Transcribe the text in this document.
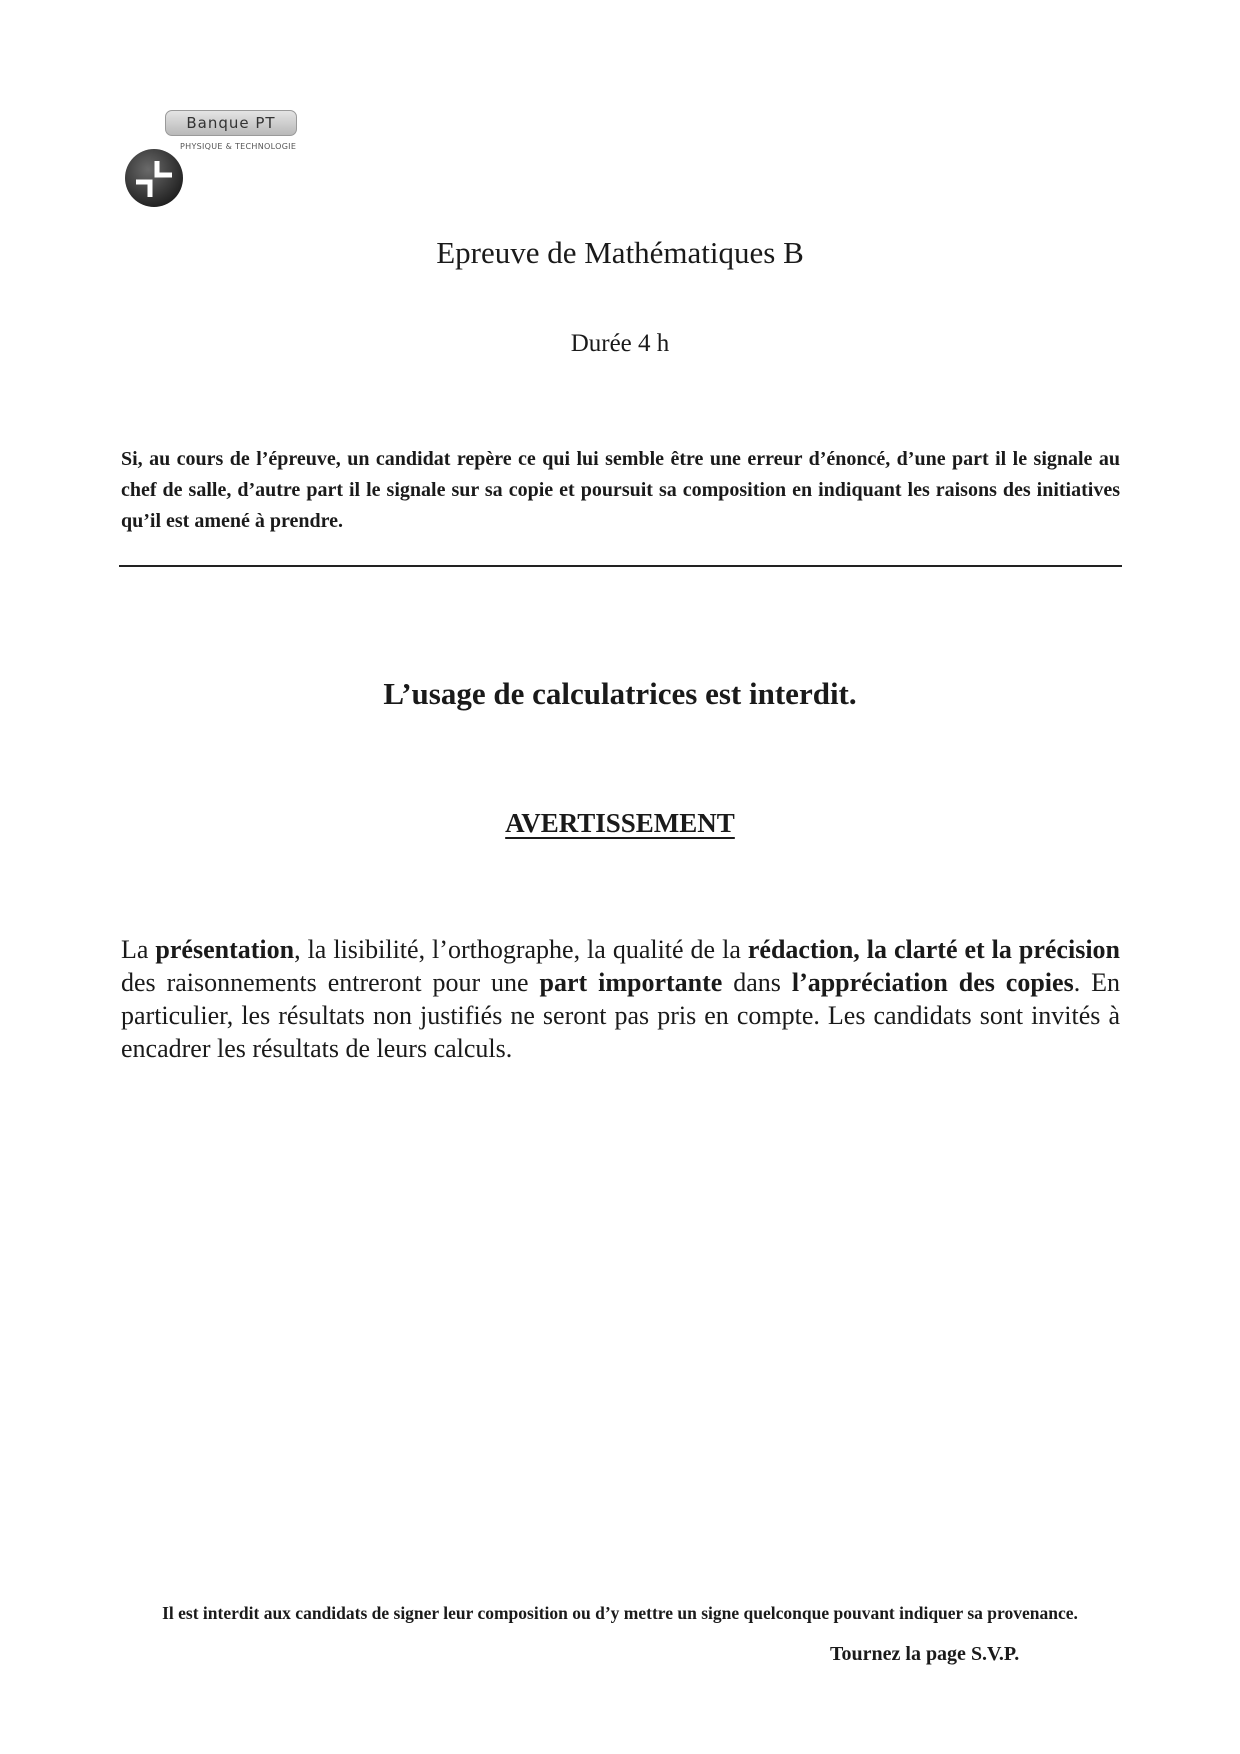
Banque PT
PHYSIQUE & TECHNOLOGIE
Epreuve de Mathématiques B
Durée 4 h
Si, au cours de l’épreuve, un candidat repère ce qui lui semble être une erreur d’énoncé, d’une part il le signale au chef de salle, d’autre part il le signale sur sa copie et poursuit sa composition en indiquant les raisons des initiatives qu’il est amené à prendre.
L’usage de calculatrices est interdit.
AVERTISSEMENT
La présentation, la lisibilité, l’orthographe, la qualité de la rédaction, la clarté et la précision des raisonnements entreront pour une part importante dans l’appréciation des copies. En particulier, les résultats non justifiés ne seront pas pris en compte. Les candidats sont invités à encadrer les résultats de leurs calculs.
Il est interdit aux candidats de signer leur composition ou d’y mettre un signe quelconque pouvant indiquer sa provenance.
Tournez la page S.V.P.
